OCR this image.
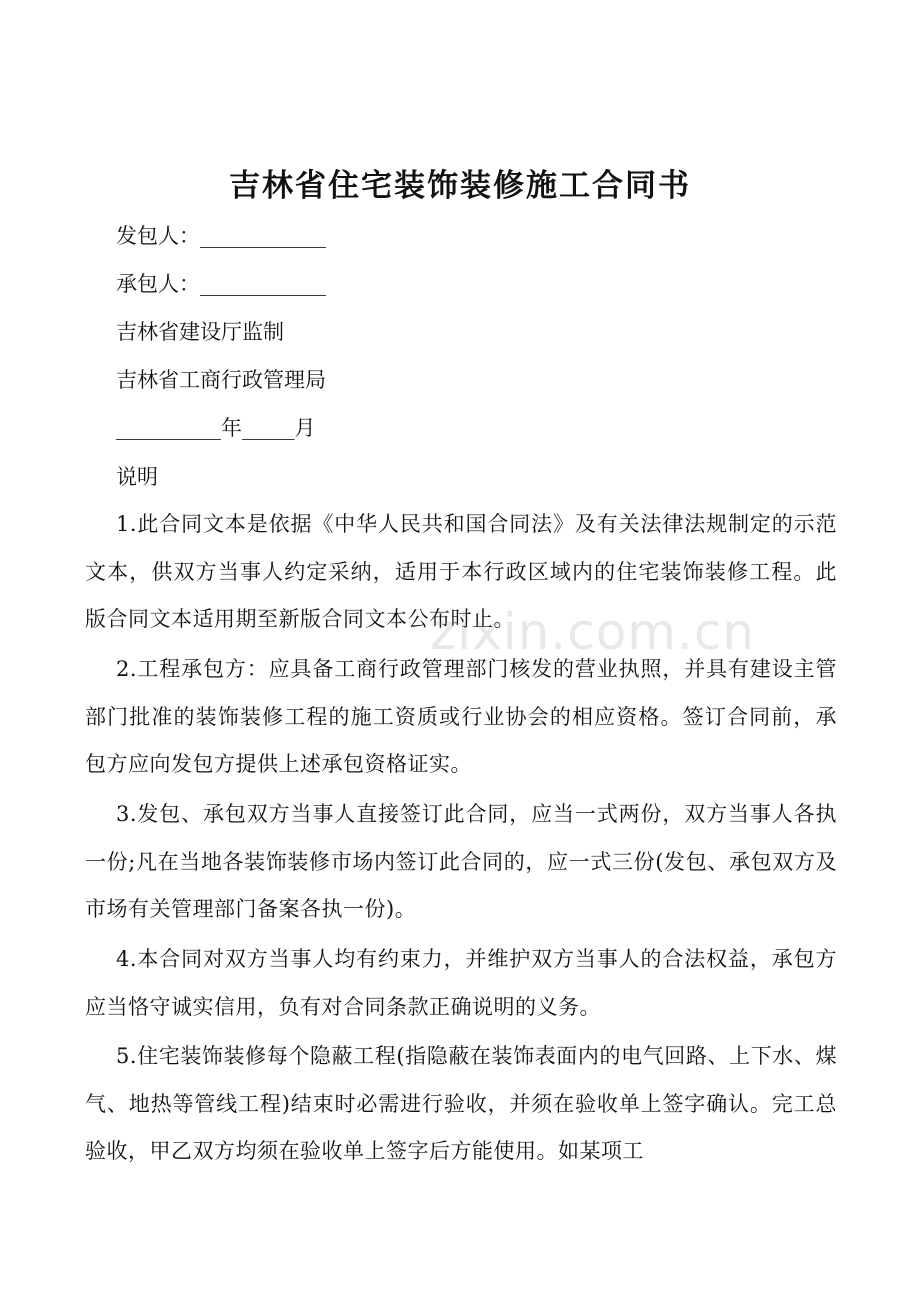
吉林省住宅装饰装修施工合同书
发包人：____________
承包人：____________
吉林省建设厅监制
吉林省工商行政管理局
__________年_____月
说明
1.此合同文本是依据《中华人民共和国合同法》及有关法律法规制定的示范文本，供双方当事人约定采纳，适用于本行政区域内的住宅装饰装修工程。此版合同文本适用期至新版合同文本公布时止。
2.工程承包方：应具备工商行政管理部门核发的营业执照，并具有建设主管部门批准的装饰装修工程的施工资质或行业协会的相应资格。签订合同前，承包方应向发包方提供上述承包资格证实。
3.发包、承包双方当事人直接签订此合同，应当一式两份，双方当事人各执一份;凡在当地各装饰装修市场内签订此合同的，应一式三份(发包、承包双方及市场有关管理部门备案各执一份)。
4.本合同对双方当事人均有约束力，并维护双方当事人的合法权益，承包方应当恪守诚实信用，负有对合同条款正确说明的义务。
5.住宅装饰装修每个隐蔽工程(指隐蔽在装饰表面内的电气回路、上下水、煤气、地热等管线工程)结束时必需进行验收，并须在验收单上签字确认。完工总验收，甲乙双方均须在验收单上签字后方能使用。如某项工
zixin.com.cn
